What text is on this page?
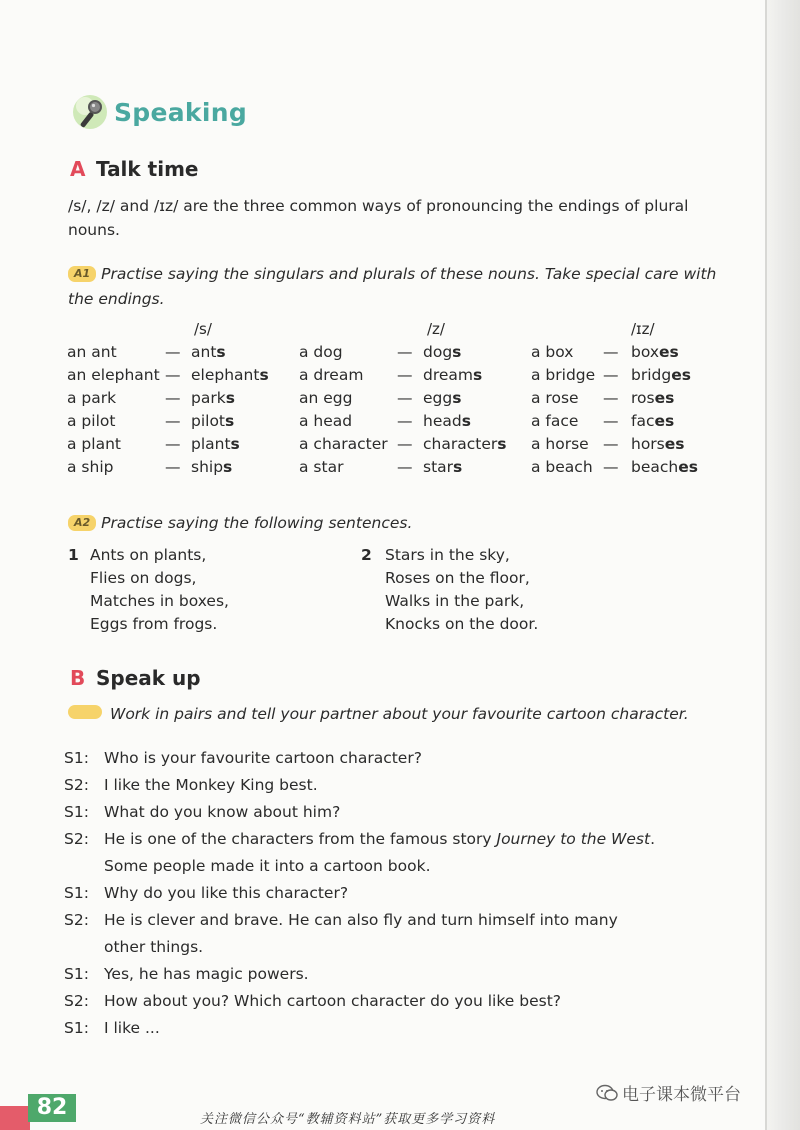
Speaking
A Talk time
/s/, /z/ and /ɪz/ are the three common ways of pronouncing the endings of plural nouns.
A1 Practise saying the singulars and plurals of these nouns. Take special care with the endings.
/s/
an ant	— ant s
an elephant — elephant s
a park	— park s
a pilot	— pilot s
a plant	— plant s
a ship	— ship s
/z/
a dog	— dog s
a dream	— dream s
an egg	— egg s
a head	— head s
a character — character s
a star	— star s
/ɪz/
a box	— box es
a bridge — bridg es
a rose	— ros es
a face	— fac es
a horse — hors es
a beach — beach es
A2 Practise saying the following sentences.
1 Ants on plants,
Flies on dogs,
Matches in boxes,
Eggs from frogs.
2 Stars in the sky,
Roses on the floor,
Walks in the park,
Knocks on the door.
B Speak up
Work in pairs and tell your partner about your favourite cartoon character.
S1: Who is your favourite cartoon character?
S2: I like the Monkey King best.
S1: What do you know about him?
S2: He is one of the characters from the famous story Journey to the West.
Some people made it into a cartoon book.
S1: Why do you like this character?
S2: He is clever and brave. He can also fly and turn himself into many
other things.
S1: Yes, he has magic powers.
S2: How about you? Which cartoon character do you like best?
S1: I like ...
82	关注微信公众号“教辅资料站”获取更多学习资料
电子课本微平台
